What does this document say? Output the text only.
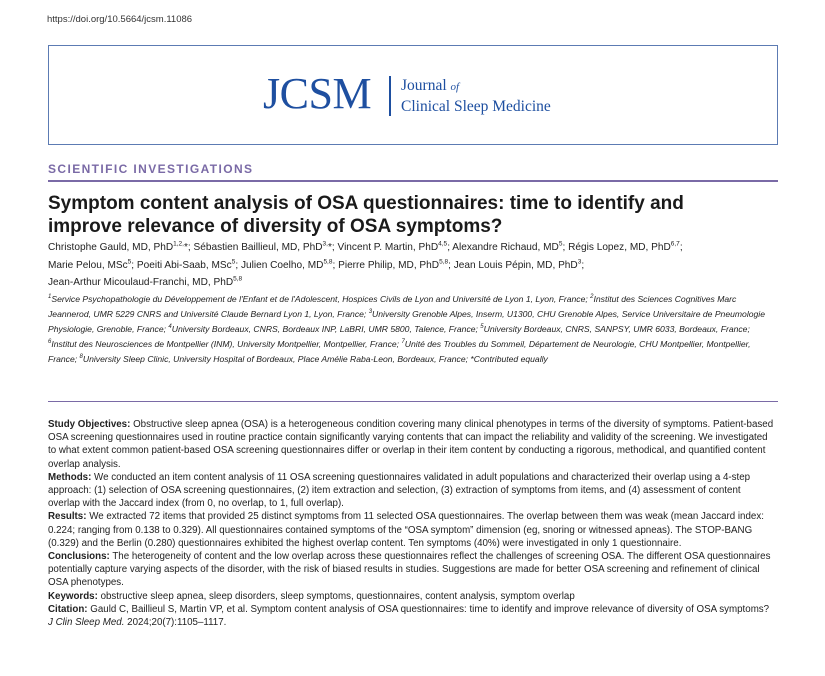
https://doi.org/10.5664/jcsm.11086
JCSM Journal of
Clinical Sleep Medicine
SCIENTIFIC INVESTIGATIONS
Symptom content analysis of OSA questionnaires: time to identify and
improve relevance of diversity of OSA symptoms?
Christophe Gauld, MD, PhD$^{1,2,}$*; Sébastien Baillieul, MD, PhD$^{3,}$*; Vincent P. Martin, PhD$^{4,5}$; Alexandre Richaud, $MD^5$; Régis Lopez, MD, PhD$^{6,7}$;
Marie Pelou, MSc$^5$; Poeiti Abi-Saab, MSc$^5$; Julien Coelho, MD$^{5,8}$; Pierre Philip, MD, PhD$^{5,8}$; Jean Louis Pépin, MD, PhD$^3$;
Jean-Arthur Micoulaud-Franchi, MD, PhD$^{5,8}$
$^1$Service Psychopathologie du Développement de l'Enfant et de l'Adolescent, Hospices Civils de Lyon and Université de Lyon 1, Lyon, France; $^2$Institut des Sciences Cognitives Marc Jeannerod, UMR 5229 CNRS and Université Claude Bernard Lyon 1, Lyon, France; $^3$University Grenoble Alpes, Inserm, U1300, CHU Grenoble Alpes, Service Universitaire de Pneumologie Physiologie, Grenoble, France; $^4$University Bordeaux, CNRS, Bordeaux INP, LaBRI, UMR 5800, Talence, France; $^5$University Bordeaux, CNRS, SANPSY, UMR 6033, Bordeaux, France; $^6$Institut des Neurosciences de Montpellier (INM), University Montpellier, Montpellier, France; $^7$Unité des Troubles du Sommeil, Département de Neurologie, CHU Montpellier, Montpellier, France; $^8$University Sleep Clinic, University Hospital of Bordeaux, Place Amélie Raba-Leon, Bordeaux, France; *Contributed equally
Study Objectives: Obstructive sleep apnea (OSA) is a heterogeneous condition covering many clinical phenotypes in terms of the diversity of symptoms. Patient-based OSA screening questionnaires used in routine practice contain significantly varying contents that can impact the reliability and validity of the screening. We investigated to what extent common patient-based OSA screening questionnaires differ or overlap in their item content by conducting a rigorous, methodical, and quantified content overlap analysis.
Methods: We conducted an item content analysis of 11 OSA screening questionnaires validated in adult populations and characterized their overlap using a 4-step approach: (1) selection of OSA screening questionnaires, (2) item extraction and selection, (3) extraction of symptoms from items, and (4) assessment of content overlap with the Jaccard index (from 0, no overlap, to 1, full overlap).
Results: We extracted 72 items that provided 25 distinct symptoms from 11 selected OSA questionnaires. The overlap between them was weak (mean Jaccard index: 0.224; ranging from 0.138 to 0.329). All questionnaires contained symptoms of the “OSA symptom” dimension (eg, snoring or witnessed apneas). The STOP-BANG (0.329) and the Berlin (0.280) questionnaires exhibited the highest overlap content. Ten symptoms (40%) were investigated in only 1 questionnaire.
Conclusions: The heterogeneity of content and the low overlap across these questionnaires reflect the challenges of screening OSA. The different OSA questionnaires potentially capture varying aspects of the disorder, with the risk of biased results in studies. Suggestions are made for better OSA screening and refinement of clinical OSA phenotypes.
Keywords: obstructive sleep apnea, sleep disorders, sleep symptoms, questionnaires, content analysis, symptom overlap
Citation: Gauld C, Baillieul S, Martin VP, et al. Symptom content analysis of OSA questionnaires: time to identify and improve relevance of diversity of OSA symptoms? J Clin Sleep Med. 2024;20(7):1105–1117.
